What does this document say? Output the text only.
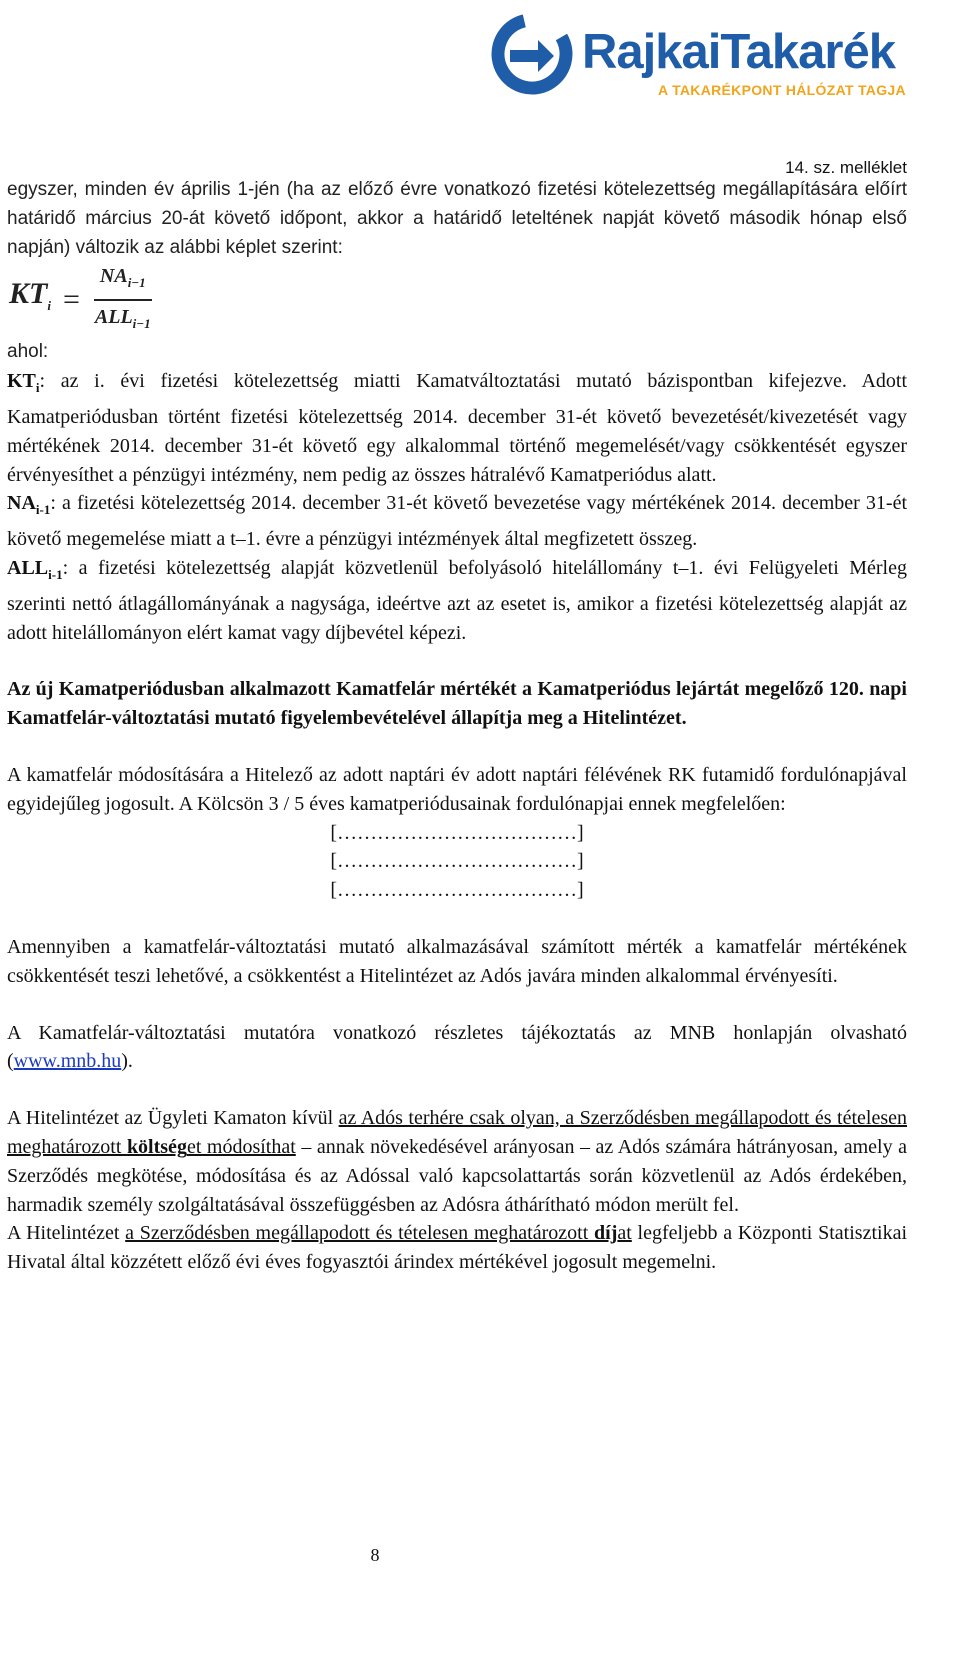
RajkaiTakarék
A TAKARÉKPONT HÁLÓZAT TAGJA
14. sz. melléklet

egyszer, minden év április 1-jén (ha az előző évre vonatkozó fizetési kötelezettség megállapítására előírt határidő március 20-át követő időpont, akkor a határidő leteltének napját követő második hónap első napján) változik az alábbi képlet szerint:

$KT_i = \frac{NA_{i-1}}{ALL_{i-1}}$

ahol:

$KT_i$: az i. évi fizetési kötelezettség miatti Kamatváltoztatási mutató bázispontban kifejezve. Adott Kamatperiódusban történt fizetési kötelezettség 2014. december 31-ét követő bevezetését/kivezetését vagy mértékének 2014. december 31-ét követő egy alkalommal történő megemelését/vagy csökkentését egyszer érvényesíthet a pénzügyi intézmény, nem pedig az összes hátralévő Kamatperiódus alatt.

$NA_{i-1}$: a fizetési kötelezettség 2014. december 31-ét követő bevezetése vagy mértékének 2014. december 31-ét követő megemelése miatt a t–1. évre a pénzügyi intézmények által megfizetett összeg.

$ALL_{i-1}$: a fizetési kötelezettség alapját közvetlenül befolyásoló hitelállomány t–1. évi Felügyeleti Mérleg szerinti nettó átlagállományának a nagysága, ideértve azt az esetet is, amikor a fizetési kötelezettség alapját az adott hitelállományon elért kamat vagy díjbevétel képezi.

Az új Kamatperiódusban alkalmazott Kamatfelár mértékét a Kamatperiódus lejártát megelőző 120. napi Kamatfelár-változtatási mutató figyelembevételével állapítja meg a Hitelintézet.

A kamatfelár módosítására a Hitelező az adott naptári év adott naptári félévének RK futamidő fordulónapjával egyidejűleg jogosult. A Kölcsön 3 / 5 éves kamatperiódusainak fordulónapjai ennek megfelelően:

[………………………………]

[………………………………]

[………………………………]

Amennyiben a kamatfelár-változtatási mutató alkalmazásával számított mérték a kamatfelár mértékének csökkentését teszi lehetővé, a csökkentést a Hitelintézet az Adós javára minden alkalommal érvényesíti.

A Kamatfelár-változtatási mutatóra vonatkozó részletes tájékoztatás az MNB honlapján olvasható (www.mnb.hu).

A Hitelintézet az Ügyleti Kamaton kívül az Adós terhére csak olyan, a Szerződésben megállapodott és tételesen meghatározott költséget módosíthat – annak növekedésével arányosan – az Adós számára hátrányosan, amely a Szerződés megkötése, módosítása és az Adóssal való kapcsolattartás során közvetlenül az Adós érdekében, harmadik személy szolgáltatásával összefüggésben az Adósra áthárítható módon merült fel.

A Hitelintézet a Szerződésben megállapodott és tételesen meghatározott díjat legfeljebb a Központi Statisztikai Hivatal által közzétett előző évi éves fogyasztói árindex mértékével jogosult megemelni.

8
